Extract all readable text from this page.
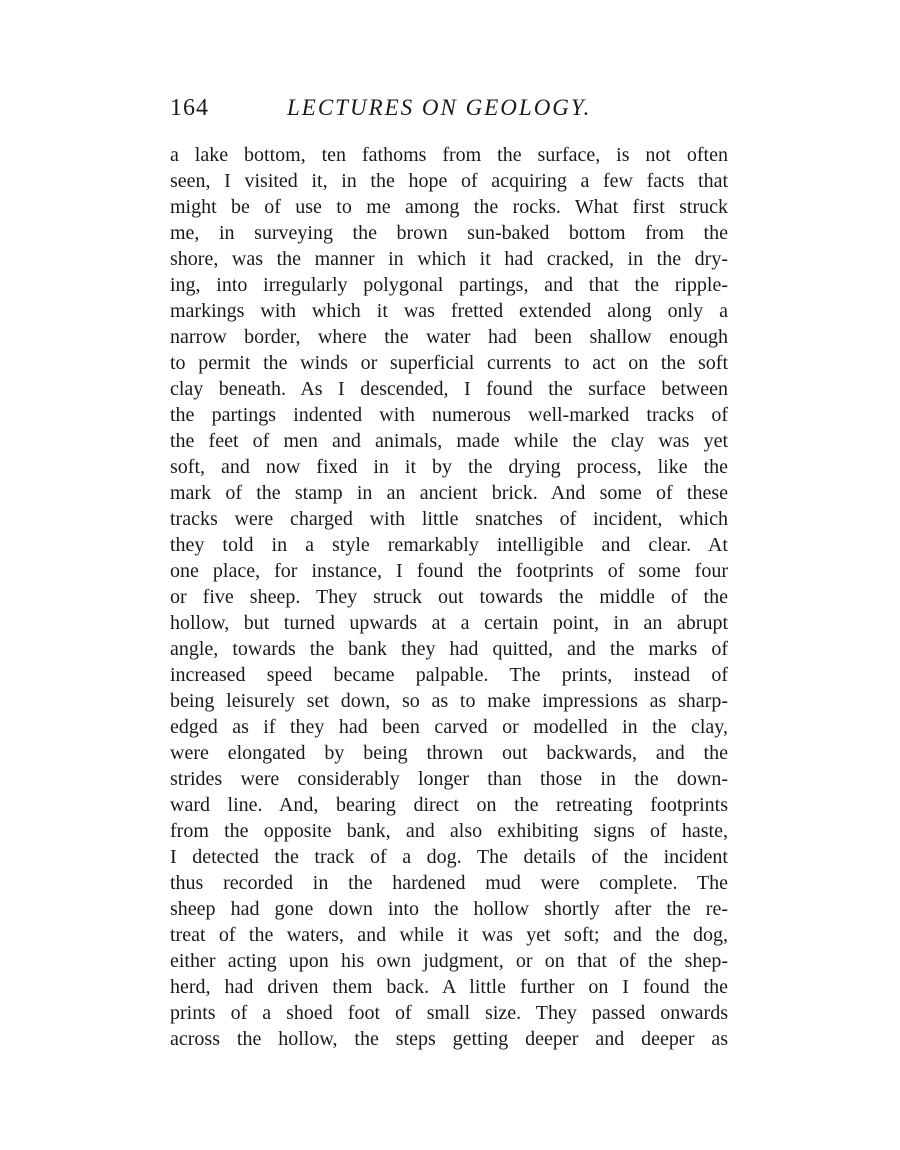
164	LECTURES ON GEOLOGY.
a lake bottom, ten fathoms from the surface, is not often
seen, I visited it, in the hope of acquiring a few facts that
might be of use to me among the rocks. What first struck
me, in surveying the brown sun-baked bottom from the
shore, was the manner in which it had cracked, in the dry-
ing, into irregularly polygonal partings, and that the ripple-
markings with which it was fretted extended along only a
narrow border, where the water had been shallow enough
to permit the winds or superficial currents to act on the soft
clay beneath. As I descended, I found the surface between
the partings indented with numerous well-marked tracks of
the feet of men and animals, made while the clay was yet
soft, and now fixed in it by the drying process, like the
mark of the stamp in an ancient brick. And some of these
tracks were charged with little snatches of incident, which
they told in a style remarkably intelligible and clear. At
one place, for instance, I found the footprints of some four
or five sheep. They struck out towards the middle of the
hollow, but turned upwards at a certain point, in an abrupt
angle, towards the bank they had quitted, and the marks of
increased speed became palpable. The prints, instead of
being leisurely set down, so as to make impressions as sharp-
edged as if they had been carved or modelled in the clay,
were elongated by being thrown out backwards, and the
strides were considerably longer than those in the down-
ward line. And, bearing direct on the retreating footprints
from the opposite bank, and also exhibiting signs of haste,
I detected the track of a dog. The details of the incident
thus recorded in the hardened mud were complete. The
sheep had gone down into the hollow shortly after the re-
treat of the waters, and while it was yet soft; and the dog,
either acting upon his own judgment, or on that of the shep-
herd, had driven them back. A little further on I found the
prints of a shoed foot of small size. They passed onwards
across the hollow, the steps getting deeper and deeper as
